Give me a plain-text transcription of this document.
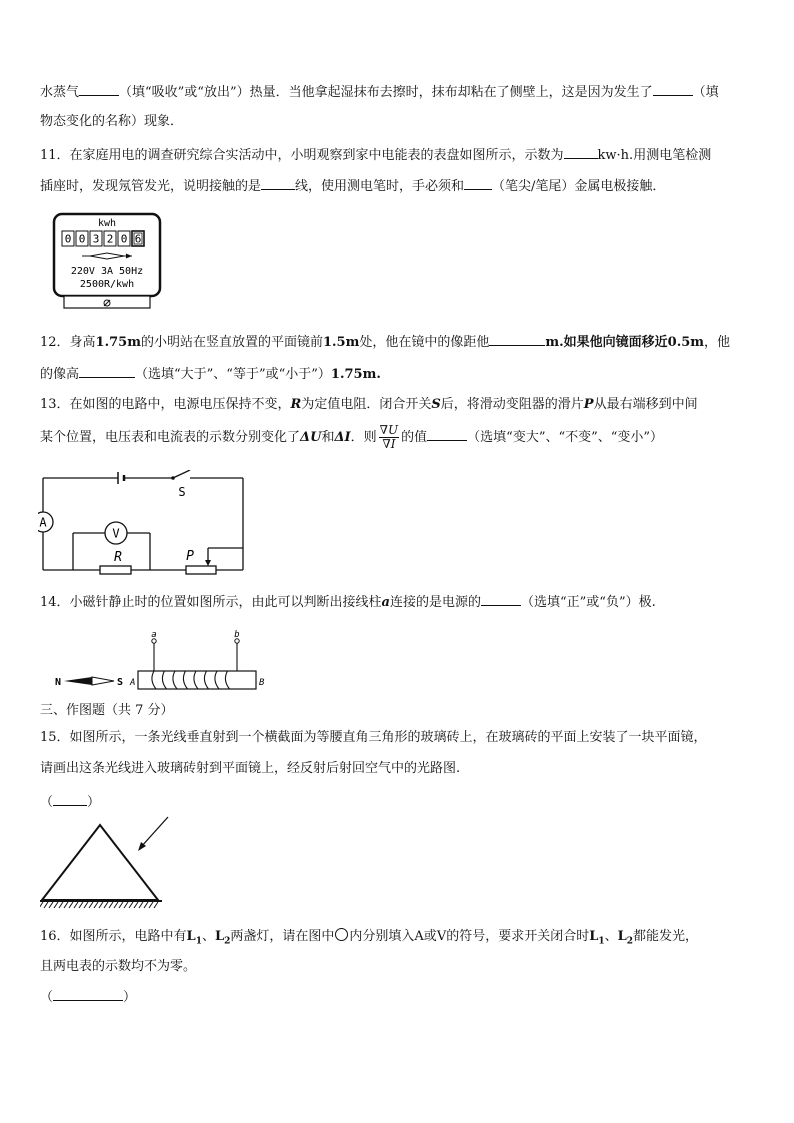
水蒸气	（填“吸收”或“放出”）热量．当他拿起湿抹布去擦时，抹布却粘在了侧壁上，这是因为发生了	（填
物态变化的名称）现象．
11．在家庭用电的调查研究综合实活动中，小明观察到家中电能表的表盘如图所示，示数为	kw·h.用测电笔检测
插座时，发现氖管发光，说明接触的是	线，使用测电笔时，手必须和 （笔尖/笔尾）金属电极接触．
kwh
0 0 3 2 0 6
220V 3A 50Hz
2500R/kwh
12．身高1.75m的小明站在竖直放置的平面镜前1.5m处，他在镜中的像距他	m.如果他向镜面移近0.5m，他
的像高	（选填“大于”、“等于”或“小于”）1.75m.
13．在如图的电路中，电源电压保持不变，R为定值电阻．闭合开关S后，将滑动变阻器的滑片P从最右端移到中间
某个位置，电压表和电流表的示数分别变化了ΔU和ΔI．则 $\frac{\nabla U}{\nabla I}$ 的值	（选填“变大”、“不变”、“变小”）
A
V
R	P
S
14．小磁针静止时的位置如图所示，由此可以判断出接线柱a连接的是电源的	（选填“正”或“负”）极.
N	S A	B
a	b
三、作图题（共 7 分）
15．如图所示，一条光线垂直射到一个横截面为等腰直角三角形的玻璃砖上，在玻璃砖的平面上安装了一块平面镜，
请画出这条光线进入玻璃砖射到平面镜上，经反射后射回空气中的光路图.
（	）
16．如图所示，电路中有$L_1$、$L_2$两盏灯，请在图中 内分别填入A或V的符号，要求开关闭合时$L_1$、$L_2$都能发光，
且两电表的示数均不为零。
（	）
